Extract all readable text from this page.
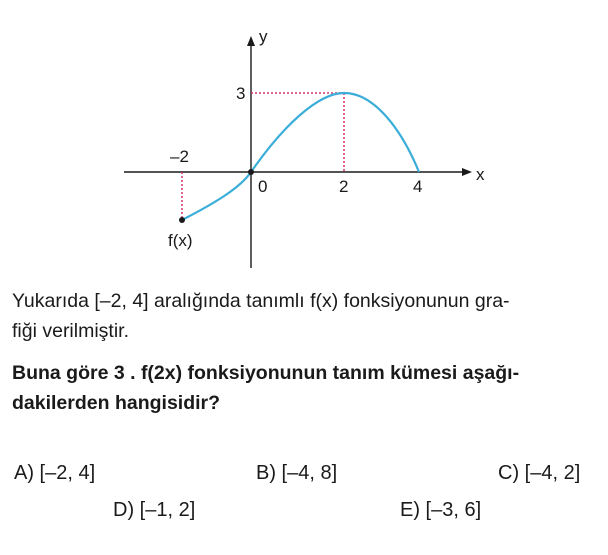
y
x
0
–2
2	4
3
f(x)
Yukarıda [–2, 4] aralığında tanımlı f(x) fonksiyonunun gra-
fiği verilmiştir.
Buna göre 3 . f(2x) fonksiyonunun tanım kümesi aşağı-
dakilerden hangisidir?
A) [–2, 4]	B) [–4, 8]	C) [–4, 2]
D) [–1, 2]	E) [–3, 6]
